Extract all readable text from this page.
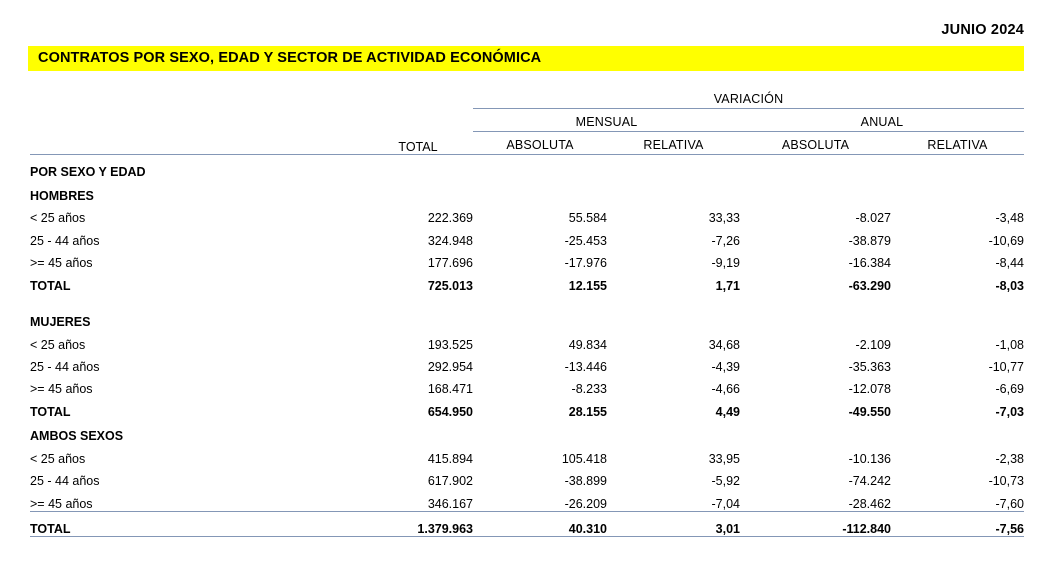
JUNIO 2024
CONTRATOS POR SEXO, EDAD Y SECTOR DE ACTIVIDAD ECONÓMICA
		VARIACIÓN			
		MENSUAL		ANUAL	
	TOTAL	ABSOLUTA	RELATIVA	ABSOLUTA	RELATIVA
POR SEXO Y EDAD					
HOMBRES					
< 25 años	222.369	55.584	33,33	-8.027	-3,48
25 - 44 años	324.948	-25.453	-7,26	-38.879	-10,69
>= 45 años	177.696	-17.976	-9,19	-16.384	-8,44
TOTAL	725.013	12.155	1,71	-63.290	-8,03

MUJERES					
< 25 años	193.525	49.834	34,68	-2.109	-1,08
25 - 44 años	292.954	-13.446	-4,39	-35.363	-10,77
>= 45 años	168.471	-8.233	-4,66	-12.078	-6,69
TOTAL	654.950	28.155	4,49	-49.550	-7,03
AMBOS SEXOS					
< 25 años	415.894	105.418	33,95	-10.136	-2,38
25 - 44 años	617.902	-38.899	-5,92	-74.242	-10,73
>= 45 años	346.167	-26.209	-7,04	-28.462	-7,60
TOTAL	1.379.963	40.310	3,01	-112.840	-7,56
